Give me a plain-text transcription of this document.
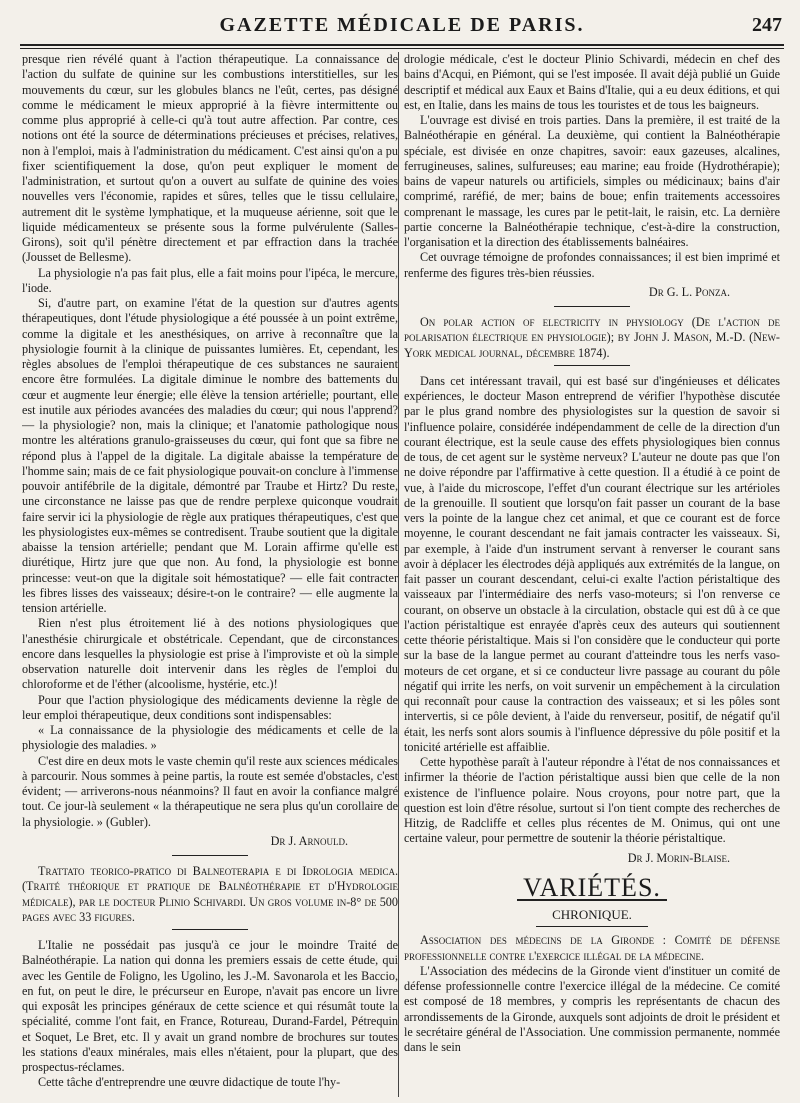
GAZETTE MÉDICALE DE PARIS.	247

presque rien révélé quant à l'action thérapeutique. La connaissance de l'action du sulfate de quinine sur les combustions interstitielles, sur les mouvements du cœur, sur les globules blancs ne l'eût, certes, pas désigné comme le médicament le mieux approprié à la fièvre intermittente ou comme plus approprié à celle-ci qu'à tout autre affection. Par contre, ces notions ont été la source de déterminations précieuses et précises, relatives, non à l'emploi, mais à l'administration du médicament. C'est ainsi qu'on a pu fixer scientifiquement la dose, qu'on peut expliquer le moment de l'administration, et surtout qu'on a ouvert au sulfate de quinine des voies nouvelles vers l'économie, rapides et sûres, telles que le tissu cellulaire, autrement dit le système lymphatique, et la muqueuse aérienne, soit que le liquide médicamenteux se présente sous la forme pulvérulente (Salles-Girons), soit qu'il pénètre directement et par effraction dans la trachée (Jousset de Bellesme).

La physiologie n'a pas fait plus, elle a fait moins pour l'ipéca, le mercure, l'iode.

Si, d'autre part, on examine l'état de la question sur d'autres agents thérapeutiques, dont l'étude physiologique a été poussée à un point extrême, comme la digitale et les anesthésiques, on arrive à reconnaître que la physiologie fournit à la clinique de puissantes lumières. Et, cependant, les règles absolues de l'emploi thérapeutique de ces substances ne sauraient encore être formulées. La digitale diminue le nombre des battements du cœur et augmente leur énergie; elle élève la tension artérielle; pourtant, elle est inutile aux périodes avancées des maladies du cœur; qui nous l'apprend? — la physiologie? non, mais la clinique; et l'anatomie pathologique nous montre les altérations granulo-graisseuses du cœur, qui font que sa fibre ne répond plus à l'appel de la digitale. La digitale abaisse la température de l'homme sain; mais de ce fait physiologique pouvait-on conclure à l'immense pouvoir antifébrile de la digitale, démontré par Traube et Hirtz? Du reste, une circonstance ne laisse pas que de rendre perplexe quiconque voudrait faire servir ici la physiologie de règle aux pratiques thérapeutiques, c'est que les physiologistes eux-mêmes se contredisent. Traube soutient que la digitale abaisse la tension artérielle; pendant que M. Lorain affirme qu'elle est diurétique, Hirtz jure que que non. Au fond, la physiologie est bonne princesse: veut-on que la digitale soit hémostatique? — elle fait contracter les fibres lisses des vaisseaux; désire-t-on le contraire? — elle augmente la tension artérielle.

Rien n'est plus étroitement lié à des notions physiologiques que l'anesthésie chirurgicale et obstétricale. Cependant, que de circonstances encore dans lesquelles la physiologie est prise à l'improviste et où la simple observation naturelle doit intervenir dans les règles de l'emploi du chloroforme et de l'éther (alcoolisme, hystérie, etc.)!

Pour que l'action physiologique des médicaments devienne la règle de leur emploi thérapeutique, deux conditions sont indispensables:

« La connaissance de la physiologie des médicaments et celle de la physiologie des maladies. »

C'est dire en deux mots le vaste chemin qu'il reste aux sciences médicales à parcourir. Nous sommes à peine partis, la route est semée d'obstacles, c'est évident; — arriverons-nous néanmoins? Il faut en avoir la confiance malgré tout. Ce jour-là seulement « la thérapeutique ne sera plus qu'un corollaire de la physiologie. » (Gubler).

Dr J. Arnould.

Trattato teorico-pratico di Balneoterapia e di Idrologia medica. (Traité théorique et pratique de Balnéothérapie et d'Hydrologie médicale), par le docteur Plinio Schivardi. Un gros volume in-8° de 500 pages avec 33 figures.

L'Italie ne possédait pas jusqu'à ce jour le moindre Traité de Balnéothérapie. La nation qui donna les premiers essais de cette étude, qui avec les Gentile de Foligno, les Ugolino, les J.-M. Savonarola et les Baccio, en fut, on peut le dire, le précurseur en Europe, n'avait pas encore un livre qui exposât les principes généraux de cette science et qui résumât toute la spécialité, comme l'ont fait, en France, Rotureau, Durand-Fardel, Pétrequin et Soquet, Le Bret, etc. Il y avait un grand nombre de brochures sur toutes les stations d'eaux minérales, mais elles n'étaient, pour la plupart, que des prospectus-réclames.

Cette tâche d'entreprendre une œuvre didactique de toute l'hy-

drologie médicale, c'est le docteur Plinio Schivardi, médecin en chef des bains d'Acqui, en Piémont, qui se l'est imposée. Il avait déjà publié un Guide descriptif et médical aux Eaux et Bains d'Italie, qui a eu deux éditions, et qui est, en Italie, dans les mains de tous les touristes et de tous les baigneurs.

L'ouvrage est divisé en trois parties. Dans la première, il est traité de la Balnéothérapie en général. La deuxième, qui contient la Balnéothérapie spéciale, est divisée en onze chapitres, savoir: eaux gazeuses, alcalines, ferrugineuses, salines, sulfureuses; eau marine; eau froide (Hydrothérapie); bains de vapeur naturels ou artificiels, simples ou médicinaux; bains d'air comprimé, raréfié, de mer; bains de boue; enfin traitements accessoires comprenant le massage, les cures par le petit-lait, le raisin, etc. La dernière partie concerne la Balnéothérapie technique, c'est-à-dire la construction, l'organisation et la direction des établissements balnéaires.

Cet ouvrage témoigne de profondes connaissances; il est bien imprimé et renferme des figures très-bien réussies.

Dr G. L. Ponza.

On polar action of electricity in physiology (De l'action de polarisation électrique en physiologie); by John J. Mason, M.-D. (New-York medical journal, décembre 1874).

Dans cet intéressant travail, qui est basé sur d'ingénieuses et délicates expériences, le docteur Mason entreprend de vérifier l'hypothèse discutée par le plus grand nombre des physiologistes sur la question de savoir si l'influence polaire, considérée indépendamment de celle de la direction d'un courant électrique, est la seule cause des effets physiologiques bien connus de tous, de cet agent sur le système nerveux? L'auteur ne doute pas que l'on ne doive répondre par l'affirmative à cette question. Il a étudié à ce point de vue, à l'aide du microscope, l'effet d'un courant électrique sur les artérioles de la grenouille. Il soutient que lorsqu'on fait passer un courant de la base vers la pointe de la langue chez cet animal, et que ce courant est de force moyenne, le courant descendant ne fait jamais contracter les vaisseaux. Si, par exemple, à l'aide d'un instrument servant à renverser le courant sans avoir à déplacer les électrodes déjà appliqués aux extrémités de la langue, on fait passer un courant descendant, celui-ci exalte l'action péristaltique des vaisseaux par l'intermédiaire des nerfs vaso-moteurs; si l'on renverse ce courant, on observe un obstacle à la circulation, obstacle qui est dû à ce que l'action péristaltique est enrayée d'après ceux des auteurs qui soutiennent cette théorie péristaltique. Mais si l'on considère que le conducteur qui porte sur la base de la langue permet au courant d'atteindre tous les nerfs vaso-moteurs de cet organe, et si ce conducteur livre passage au courant du pôle négatif qui irrite les nerfs, on voit survenir un empêchement à la circulation qui reconnaît pour cause la contraction des vaisseaux; et si les pôles sont intervertis, si ce pôle devient, à l'aide du renverseur, positif, de négatif qu'il était, les nerfs sont alors soumis à l'influence dépressive du pôle positif et la tonicité artérielle est affaiblie.

Cette hypothèse paraît à l'auteur répondre à l'état de nos connaissances et infirmer la théorie de l'action péristaltique aussi bien que celle de la non existence de l'influence polaire. Nous croyons, pour notre part, que la question est loin d'être résolue, surtout si l'on tient compte des recherches de Hitzig, de Radcliffe et celles plus récentes de M. Onimus, qui ont une certaine valeur, pour permettre de soutenir la théorie péristaltique.

Dr J. Morin-Blaise.
VARIÉTÉS.
CHRONIQUE.

Association des médecins de la Gironde : Comité de défense professionnelle contre l'exercice illégal de la médecine.

L'Association des médecins de la Gironde vient d'instituer un comité de défense professionnelle contre l'exercice illégal de la médecine. Ce comité est composé de 18 membres, y compris les représentants de chacun des arrondissements de la Gironde, auxquels sont adjoints de droit le président et le secrétaire général de l'Association. Une commission permanente, nommée dans le sein
